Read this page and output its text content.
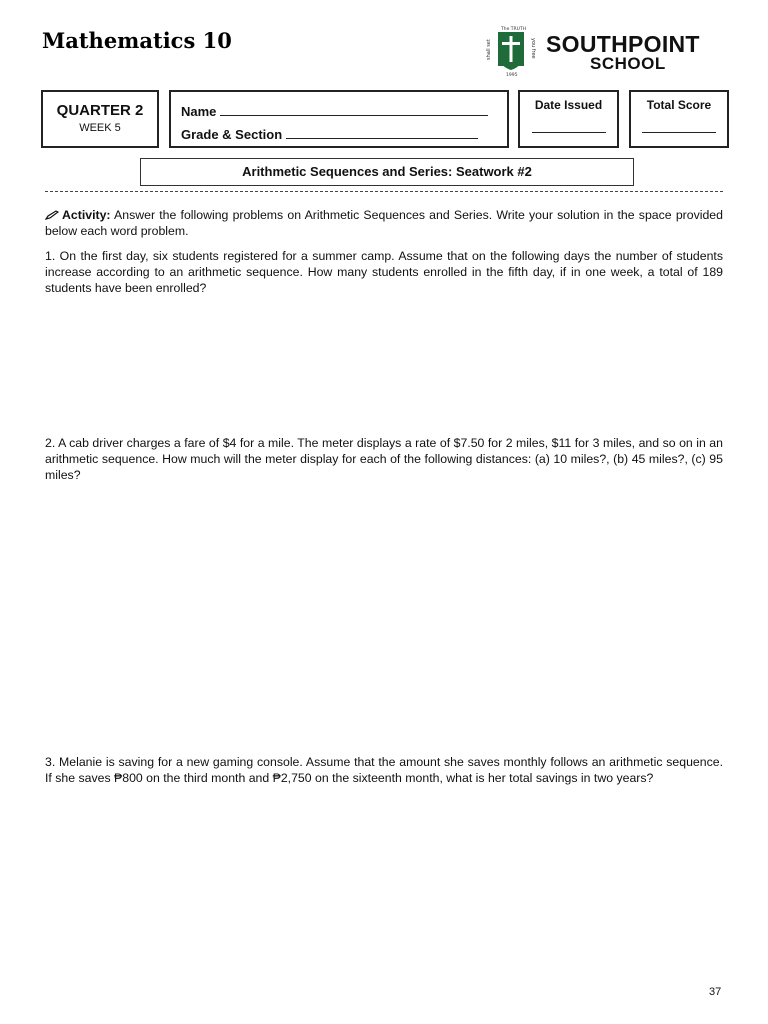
Mathematics 10	shall set	you free
The TRUTH
1995
SOUTHPOINT
SCHOOL
QUARTER 2
WEEK 5
Name
Grade & Section
Date Issued	Total Score
Arithmetic Sequences and Series: Seatwork #2
Activity: Answer the following problems on Arithmetic Sequences and Series. Write your solution in the space provided below each word problem.
1. On the first day, six students registered for a summer camp. Assume that on the following days the number of students increase according to an arithmetic sequence. How many students enrolled in the fifth day, if in one week, a total of 189 students have been enrolled?
2. A cab driver charges a fare of $4 for a mile. The meter displays a rate of $7.50 for 2 miles, $11 for 3 miles, and so on in an arithmetic sequence. How much will the meter display for each of the following distances: (a) 10 miles?, (b) 45 miles?, (c) 95 miles?
3. Melanie is saving for a new gaming console. Assume that the amount she saves monthly follows an arithmetic sequence. If she saves ₱800 on the third month and ₱2,750 on the sixteenth month, what is her total savings in two years?
37
